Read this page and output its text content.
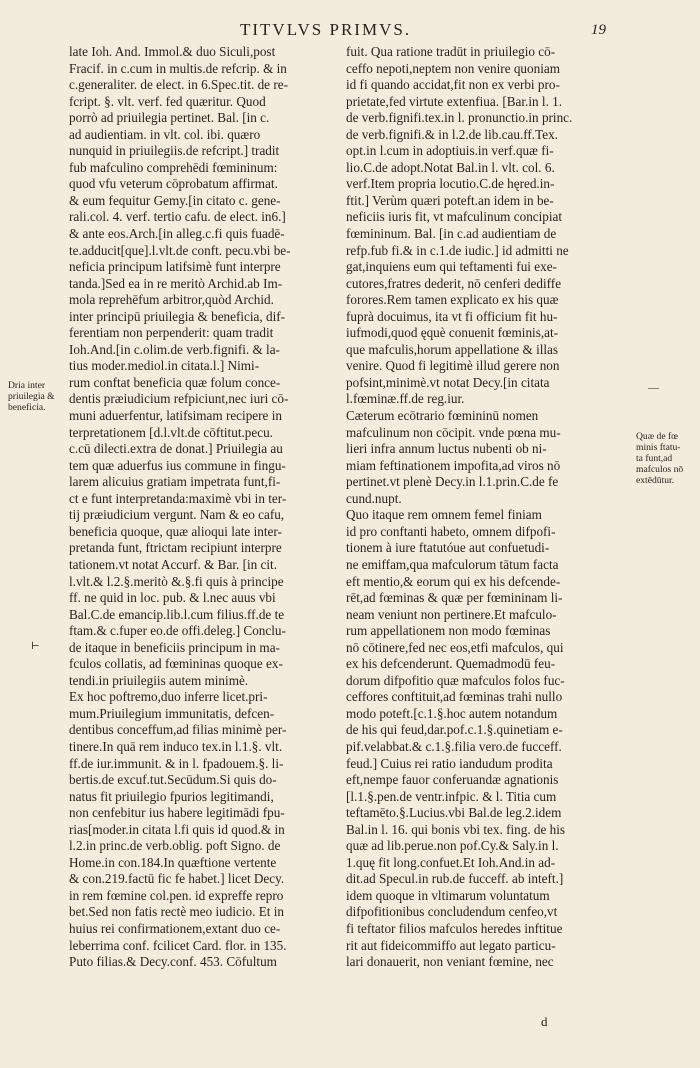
TITVLVS PRIMVS.	19
late Ioh. And. Immol.& duo Siculi,post
Fracif. in c.cum in multis.de refcrip. & in
c.generaliter. de elect. in 6.Spec.tit. de re-
fcript. §. vlt. verf. fed quæritur. Quod
porrò ad priuilegia pertinet. Bal. [in c.
ad audientiam. in vlt. col. ibi. quæro
nunquid in priuilegiis.de refcript.] tradit
fub mafculino comprehēdi fœmininum:
quod vfu veterum cōprobatum affirmat.
& eum fequitur Gemy.[in citato c. gene-
rali.col. 4. verf. tertio cafu. de elect. in6.]
& ante eos.Arch.[in alleg.c.fi quis fuadē-
te.adducit[que].l.vlt.de conft. pecu.vbi be-
neficia principum latifsimè funt interpre
tanda.]Sed ea in re meritò Archid.ab Im-
mola reprehēfum arbitror,quòd Archid.
inter principū priuilegia & beneficia, dif-
ferentiam non perpenderit: quam tradit
Ioh.And.[in c.olim.de verb.fignifi. & la-
tius moder.mediol.in citata.l.] Nimi-
rum conftat beneficia quæ folum conce-
dentis præiudicium refpiciunt,nec iuri cō-
muni aduerfentur, latifsimam recipere in
terpretationem [d.l.vlt.de cōftitut.pecu.
c.cū dilecti.extra de donat.] Priuilegia au
tem quæ aduerfus ius commune in fingu-
larem alicuius gratiam impetrata funt,fi-
ct e funt interpretanda:maximè vbi in ter-
tij præiudicium vergunt. Nam & eo cafu,
beneficia quoque, quæ alioqui late inter-
pretanda funt, ftrictam recipiunt interpre
tationem.vt notat Accurf. & Bar. [in cit.
l.vlt.& l.2.§.meritò &.§.fi quis à principe
ff. ne quid in loc. pub. & l.nec auus vbi
Bal.C.de emancip.lib.l.cum filius.ff.de te
ftam.& c.fuper eo.de offi.deleg.] Conclu-
de itaque in beneficiis principum in ma-
fculos collatis, ad fœmininas quoque ex-
tendi.in priuilegiis autem minimè.
Ex hoc poftremo,duo inferre licet.pri-
mum.Priuilegium immunitatis, defcen-
dentibus conceffum,ad filias minimè per-
tinere.In quā rem induco tex.in l.1.§. vlt.
ff.de iur.immunit. & in l. fpadouem.§. li-
bertis.de excuf.tut.Secūdum.Si quis do-
natus fit priuilegio fpurios legitimandi,
non cenfebitur ius habere legitimādi fpu-
rias[moder.in citata l.fi quis id quod.& in
l.2.in princ.de verb.oblig. poft Signo. de
Home.in con.184.In quæftione vertente
& con.219.factū fic fe habet.] licet Decy.
in rem fœmine col.pen. id expreffe repro
bet.Sed non fatis rectè meo iudicio. Et in
huius rei confirmationem,extant duo ce-
leberrima conf. fcilicet Card. flor. in 135.
Puto filias.& Decy.conf. 453. Cōfultum
fuit. Qua ratione tradūt in priuilegio cō-
ceffo nepoti,neptem non venire quoniam
id fi quando accidat,fit non ex verbi pro-
prietate,fed virtute extenfiua. [Bar.in l. 1.
de verb.fignifi.tex.in l. pronunctio.in princ.
de verb.fignifi.& in l.2.de lib.cau.ff.Tex.
opt.in l.cum in adoptiuis.in verf.quæ fi-
lio.C.de adopt.Notat Bal.in l. vlt. col. 6.
verf.Item propria locutio.C.de hęred.in-
ftit.] Verùm quæri poteft.an idem in be-
neficiis iuris fit, vt mafculinum concipiat
fœmininum. Bal. [in c.ad audientiam de
refp.fub fi.& in c.1.de iudic.] id admitti ne
gat,inquiens eum qui teftamenti fui exe-
cutores,fratres dederit, nō cenferi dediffe
forores.Rem tamen explicato ex his quæ
fuprà docuimus, ita vt fi officium fit hu-
iufmodi,quod ęquè conuenit fœminis,at-
que mafculis,horum appellatione & illas
venire. Quod fi legitimè illud gerere non
pofsint,minimè.vt notat Decy.[in citata
l.fœminæ.ff.de reg.iur.
Cæterum ecōtrario fœmininū nomen
mafculinum non cōcipit. vnde pœna mu-
lieri infra annum luctus nubenti ob ni-
miam feftinationem impofita,ad viros nō
pertinet.vt plenè Decy.in l.1.prin.C.de fe
cund.nupt.
Quo itaque rem omnem femel finiam
id pro conftanti habeto, omnem difpofi-
tionem à iure ftatutóue aut confuetudi-
ne emiffam,qua mafculorum tātum facta
eft mentio,& eorum qui ex his defcende-
rēt,ad fœminas & quæ per fœmininam li-
neam veniunt non pertinere.Et mafculo-
rum appellationem non modo fœminas
nō cōtinere,fed nec eos,etfi mafculos, qui
ex his defcenderunt. Quemadmodū feu-
dorum difpofitio quæ mafculos folos fuc-
ceffores conftituit,ad fœminas trahi nullo
modo poteft.[c.1.§.hoc autem notandum
de his qui feud,dar.pof.c.1.§.quinetiam e-
pif.velabbat.& c.1.§.filia vero.de fucceff.
feud.] Cuius rei ratio iandudum prodita
eft,nempe fauor conferuandæ agnationis
[l.1.§.pen.de ventr.infpic. & l. Titia cum
teftamēto.§.Lucius.vbi Bal.de leg.2.idem
Bal.in l. 16. qui bonis vbi tex. fing. de his
quæ ad lib.perue.non pof.Cy.& Saly.in l.
1.quę fit long.confuet.Et Ioh.And.in ad-
dit.ad Specul.in rub.de fucceff. ab inteft.]
idem quoque in vltimarum voluntatum
difpofitionibus concludendum cenfeo,vt
fi teftator filios mafculos heredes inftitue
rit aut fideicommiffo aut legato particu-
lari donauerit, non veniant fœmine, nec
Dria inter
priuilegia &
beneficia.
Quæ de fœ
minis ftatu-
ta funt,ad
mafculos nō
extēdūtur.
—
⊢
d
